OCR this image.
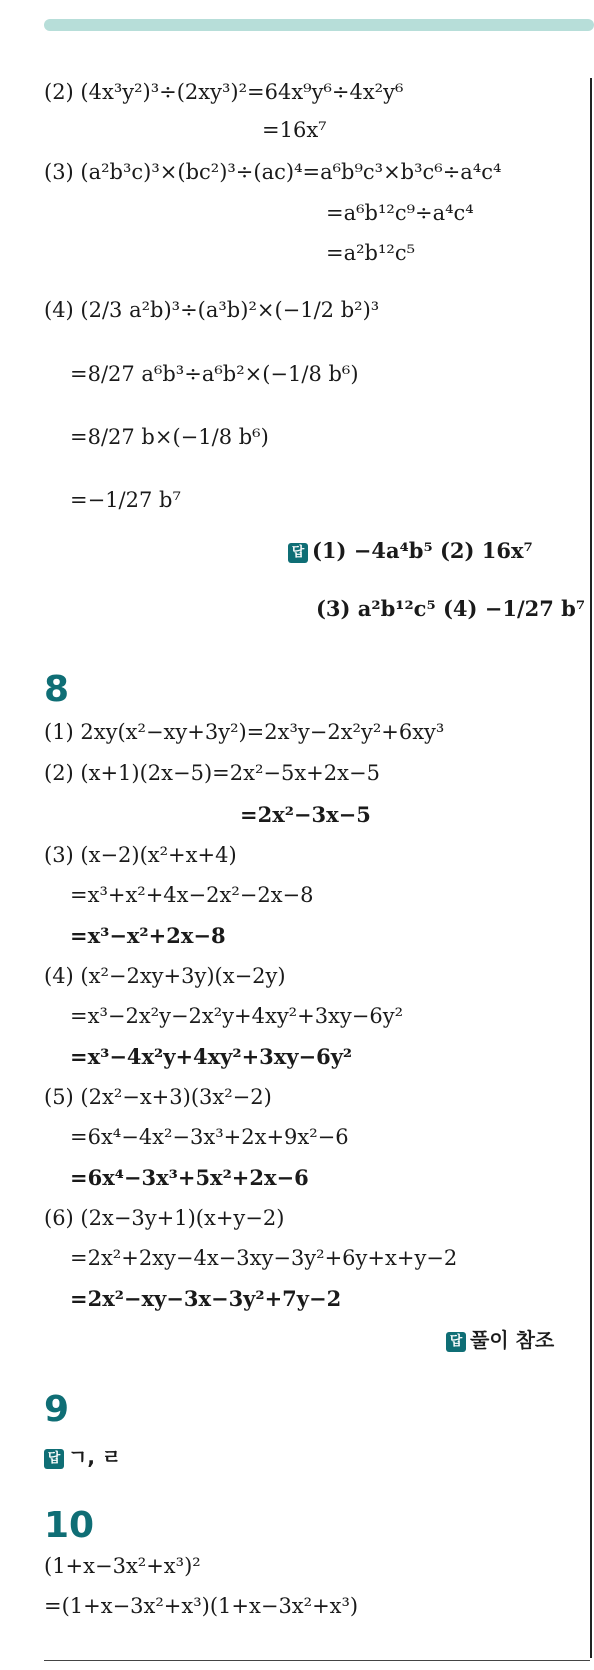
(2) (4x³y²)³÷(2xy³)²=64x⁹y⁶÷4x²y⁶
=16x⁷
(3) (a²b³c)³×(bc²)³÷(ac)⁴=a⁶b⁹c³×b³c⁶÷a⁴c⁴
=a⁶b¹²c⁹÷a⁴c⁴
=a²b¹²c⁵
(4) (2/3 a²b)³÷(a³b)²×(−1/2 b²)³
=8/27 a⁶b³÷a⁶b²×(−1/8 b⁶)
=8/27 b×(−1/8 b⁶)
=−1/27 b⁷
(1) 2xy(x²−xy+3y²)=2x³y−2x²y²+6xy³
(2) (x+1)(2x−5)=2x²−5x+2x−5
=2x²−3x−5
(3) (x−2)(x²+x+4)
=x³+x²+4x−2x²−2x−8
=x³−x²+2x−8
(4) (x²−2xy+3y)(x−2y)
=x³−2x²y−2x²y+4xy²+3xy−6y²
=x³−4x²y+4xy²+3xy−6y²
(5) (2x²−x+3)(3x²−2)
=6x⁴−4x²−3x³+2x+9x²−6
=6x⁴−3x³+5x²+2x−6
(6) (2x−3y+1)(x+y−2)
=2x²+2xy−4x−3xy−3y²+6y+x+y−2
=2x²−xy−3x−3y²+7y−2
(1+x−3x²+x³)²
=(1+x−3x²+x³)(1+x−3x²+x³)
답 (1) −4a⁴b⁵ (2) 16x⁷
(3) a²b¹²c⁵ (4) −1/27 b⁷
8
답 풀이 참조
9
답 ㄱ, ㄹ
10
